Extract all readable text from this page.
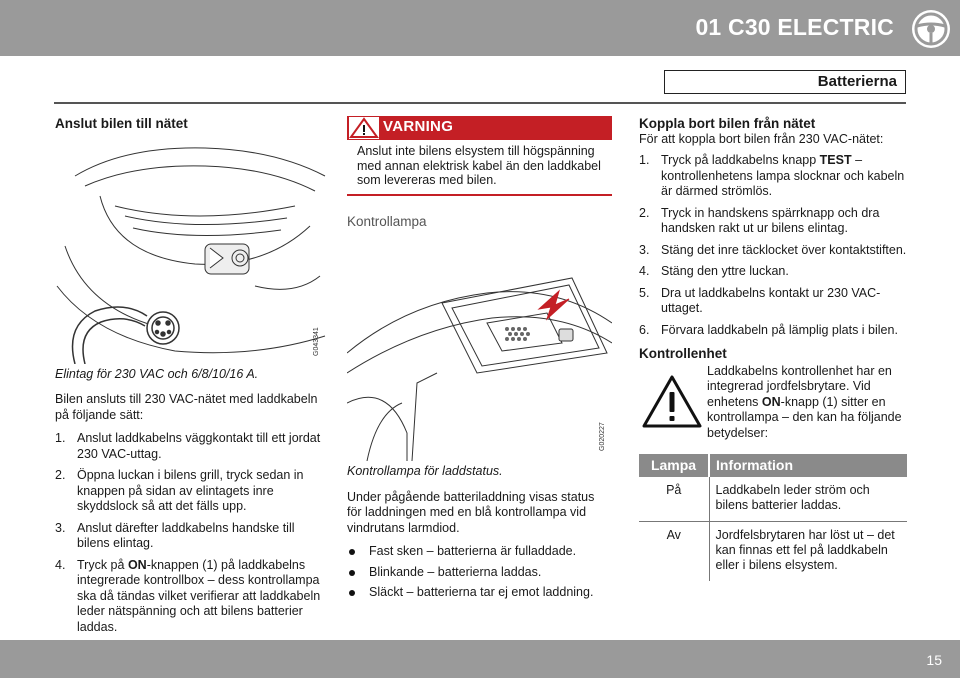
01 C30 ELECTRIC
Batterierna
Anslut bilen till nätet
G043341
Elintag för 230 VAC och 6/8/10/16 A.

Bilen ansluts till 230 VAC-nätet med laddkabeln på följande sätt:

1. Anslut laddkabelns väggkontakt till ett jordat 230 VAC-uttag.
2. Öppna luckan i bilens grill, tryck sedan in knappen på sidan av elintagets inre skyddslock så att det fälls upp.
3. Anslut därefter laddkabelns handske till bilens elintag.
4. Tryck på ON-knappen (1) på laddkabelns integrerade kontrollbox – dess kontrollampa ska då tändas vilket verifierar att laddkabeln leder nätspänning och att bilens batterier laddas.
VARNING
Anslut inte bilens elsystem till högspänning med annan elektrisk kabel än den laddkabel som levereras med bilen.
Kontrollampa
G020227
Kontrollampa för laddstatus.

Under pågående batteriladdning visas status för laddningen med en blå kontrollampa vid vindrutans larmdiod.

Fast sken – batterierna är fulladdade.
Blinkande – batterierna laddas.
Släckt – batterierna tar ej emot laddning.
Koppla bort bilen från nätet

För att koppla bort bilen från 230 VAC-nätet:

1. Tryck på laddkabelns knapp TEST – kontrollenhetens lampa slocknar och kabeln är därmed strömlös.
2. Tryck in handskens spärrknapp och dra handsken rakt ut ur bilens elintag.
3. Stäng det inre täcklocket över kontaktstiften.
4. Stäng den yttre luckan.
5. Dra ut laddkabelns kontakt ur 230 VAC-uttaget.
6. Förvara laddkabeln på lämplig plats i bilen.
Kontrollenhet
Laddkabelns kontrollenhet har en integrerad jordfelsbrytare. Vid enhetens ON-knapp (1) sitter en kontrollampa – den kan ha följande betydelser:
Lampa	Information
På	Laddkabeln leder ström och bilens batterier laddas.
Av	Jordfelsbrytaren har löst ut – det kan finnas ett fel på laddkabeln eller i bilens elsystem.
15
